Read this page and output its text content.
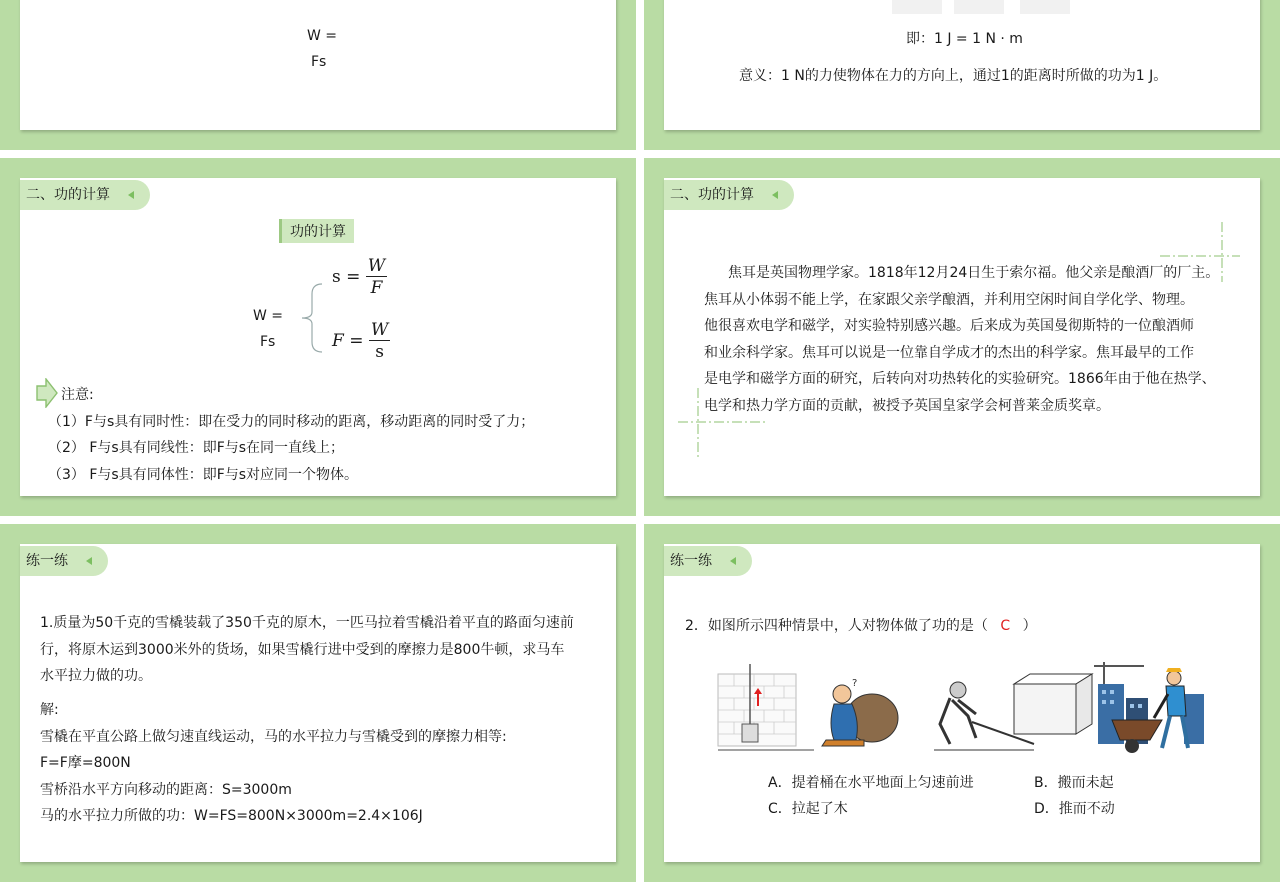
W =
Fs
即：1 J = 1 N · m
意义：1 N的力使物体在力的方向上，通过1的距离时所做的功为1 J。
二、功的计算
功的计算
W =
Fs
$s = \frac{W}{F}$
$F = \frac{W}{s}$
注意:
（1）F与s具有同时性：即在受力的同时移动的距离，移动距离的同时受了力；
（2） F与s具有同线性：即F与s在同一直线上；
（3） F与s具有同体性：即F与s对应同一个物体。
二、功的计算
焦耳是英国物理学家。1818年12月24日生于索尔福。他父亲是酿酒厂的厂主。
焦耳从小体弱不能上学，在家跟父亲学酿酒，并利用空闲时间自学化学、物理。
他很喜欢电学和磁学，对实验特别感兴趣。后来成为英国曼彻斯特的一位酿酒师
和业余科学家。焦耳可以说是一位靠自学成才的杰出的科学家。焦耳最早的工作
是电学和磁学方面的研究，后转向对功热转化的实验研究。1866年由于他在热学、
电学和热力学方面的贡献，被授予英国皇家学会柯普莱金质奖章。
练一练
1.质量为50千克的雪橇装载了350千克的原木，一匹马拉着雪橇沿着平直的路面匀速前
行，将原木运到3000米外的货场，如果雪橇行进中受到的摩擦力是800牛顿，求马车
水平拉力做的功。
解:
雪橇在平直公路上做匀速直线运动，马的水平拉力与雪橇受到的摩擦力相等:
F=F摩=800N
雪桥沿水平方向移动的距离：S=3000m
马的水平拉力所做的功：W=FS=800N×3000m=2.4×106J
练一练
2．如图所示四种情景中，人对物体做了功的是（ C ）
?
A．提着桶在水平地面上匀速前进	B．搬而未起
C．拉起了木	D．推而不动
